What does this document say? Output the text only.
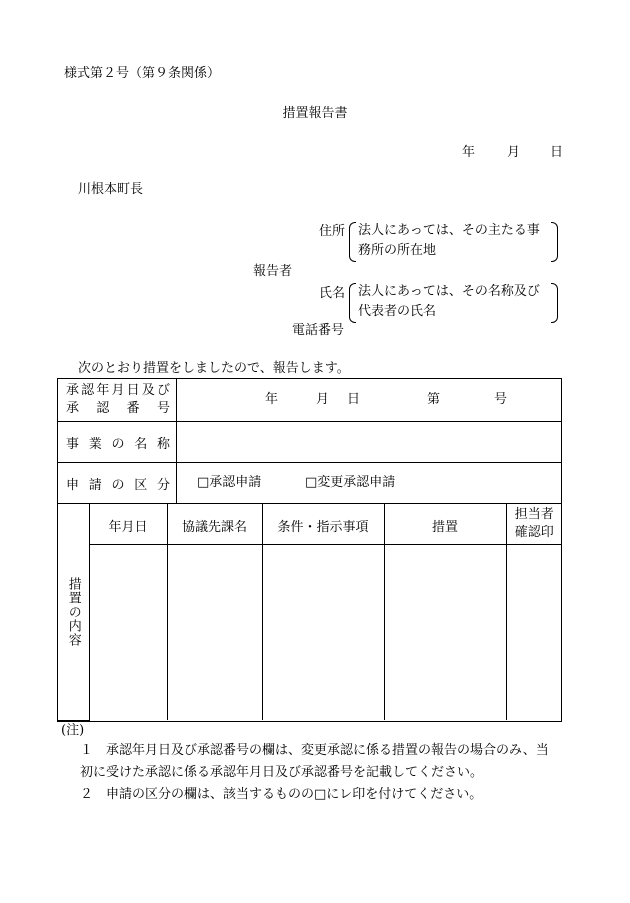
様式第２号（第９条関係）
措置報告書
年 月 日
川根本町長
住所 法人にあっては、その主たる事
務所の所在地
報告者
氏名 法人にあっては、その名称及び
代表者の氏名
電話番号
次のとおり措置をしましたので、報告します。
承認年月日及び
承 認 番 号

年	月 日	第	号

事 業 の 名 称

申 請 の 区 分	□承認申請	□変更承認申請

措置の内容
	年月日	協議先課名	条件・指示事項	措置	担当者確認印

(注)
１　承認年月日及び承認番号の欄は、変更承認に係る措置の報告の場合のみ、当初に受けた承認に係る承認年月日及び承認番号を記載してください。
２　申請の区分の欄は、該当するものの□にレ印を付けてください。
